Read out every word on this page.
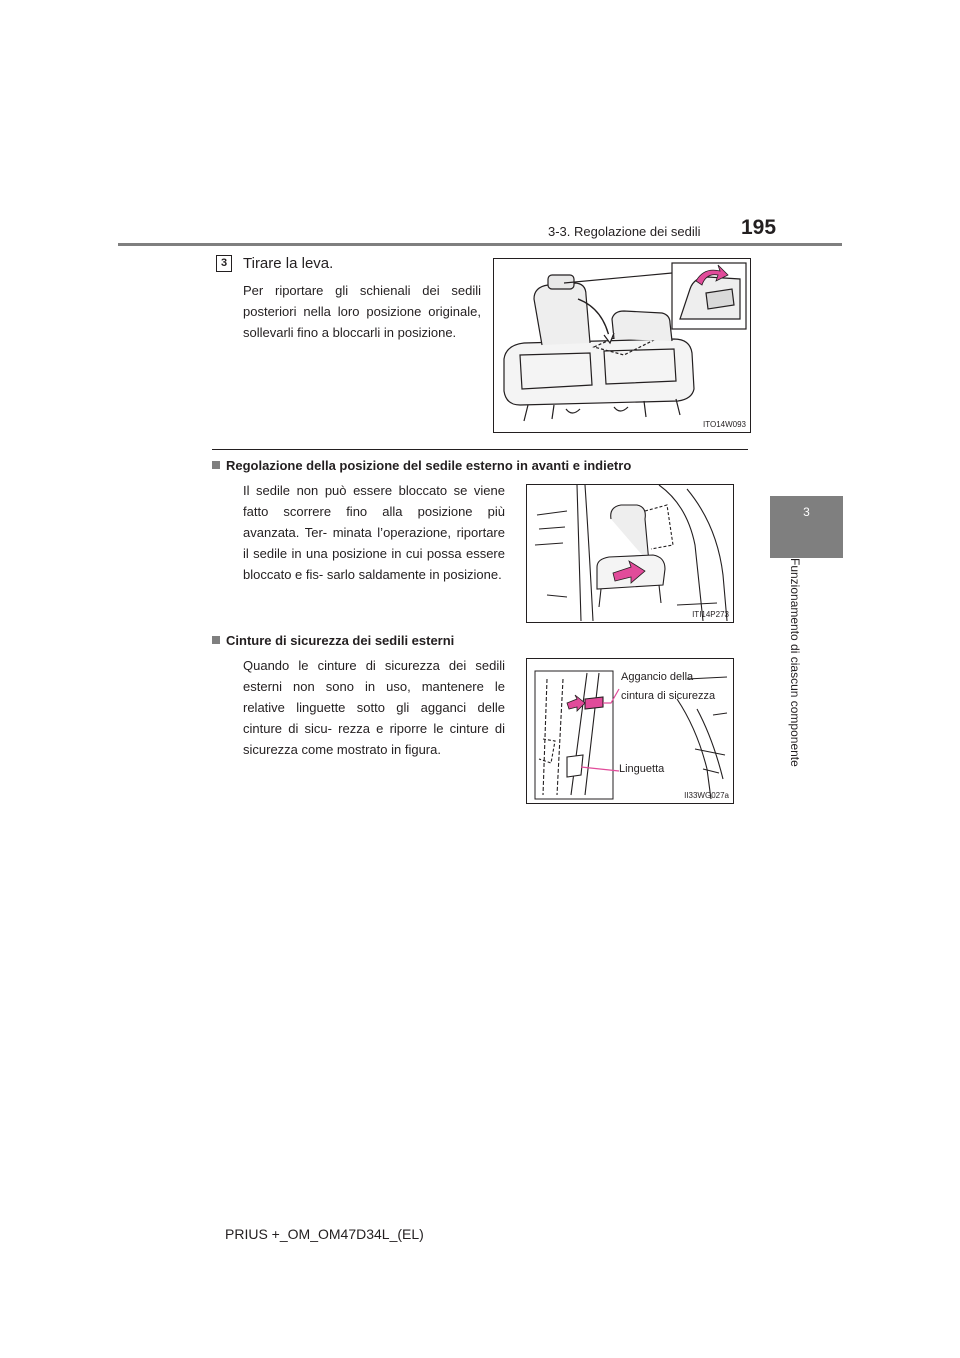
3-3. Regolazione dei sedili 195
3
Funzionamento di ciascun componente
3	Tirare la leva.
Per riportare gli schienali dei sedili posteriori nella loro posizione originale, sollevarli fino a bloccarli in posizione.
ITO14W093
Regolazione della posizione del sedile esterno in avanti e indietro
Il sedile non può essere bloccato se viene fatto scorrere fino alla posizione più avanzata. Ter- minata l’operazione, riportare il sedile in una posizione in cui possa essere bloccato e fis- sarlo saldamente in posizione.
ITI14P273
Cinture di sicurezza dei sedili esterni
Quando le cinture di sicurezza dei sedili esterni non sono in uso, mantenere le relative linguette sotto gli agganci delle cinture di sicu- rezza e riporre le cinture di sicurezza come mostrato in figura.
Aggancio della
cintura di sicurezza
Linguetta
II33WG027a
PRIUS +_OM_OM47D34L_(EL)
